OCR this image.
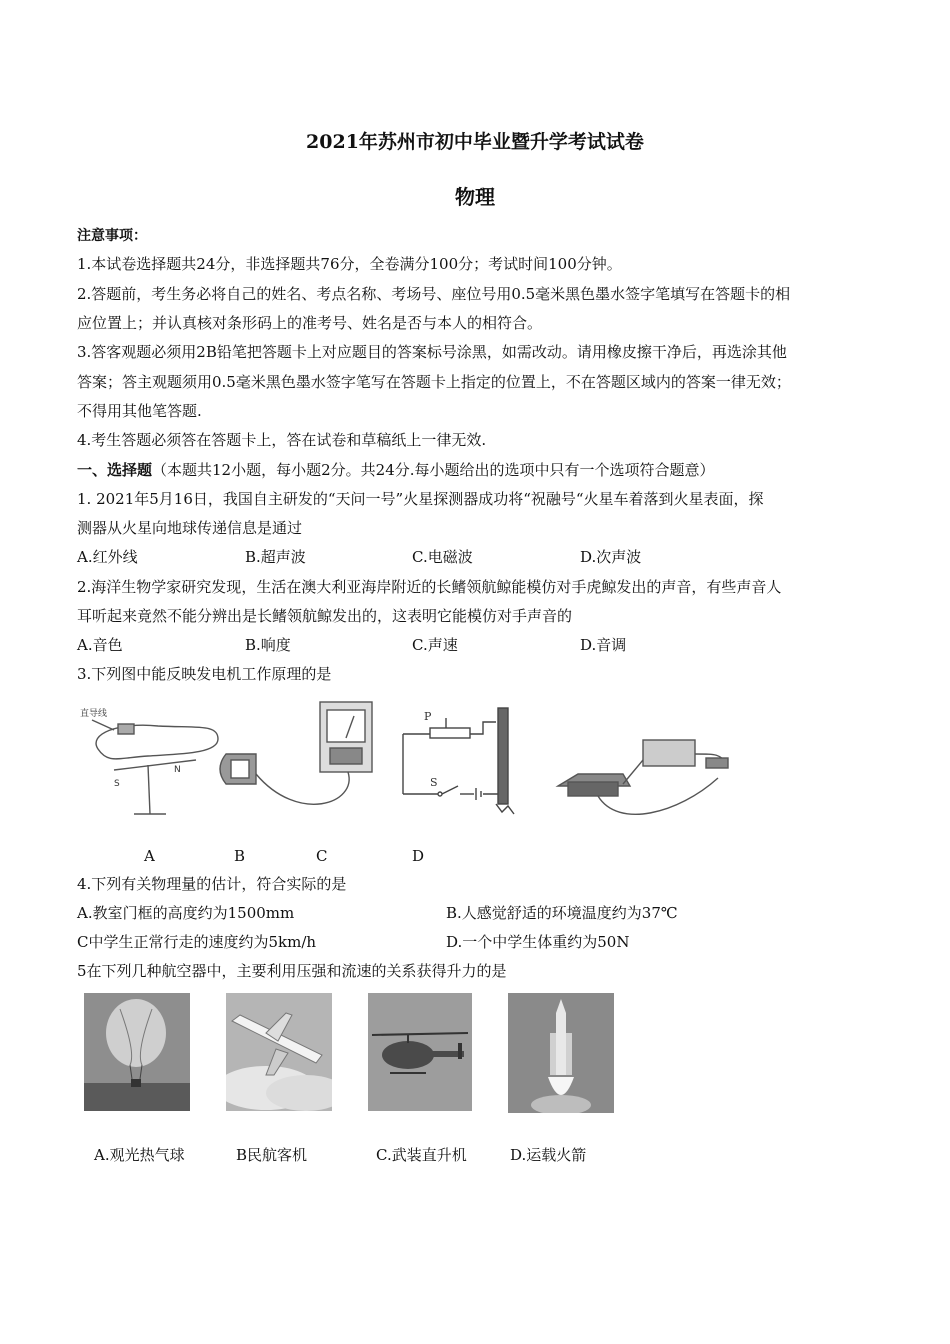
2021年苏州市初中毕业暨升学考试试卷
物理
注意事项：
1.本试卷选择题共24分，非选择题共76分，全卷满分100分；考试时间100分钟。
2.答题前，考生务必将自己的姓名、考点名称、考场号、座位号用0.5毫米黑色墨水签字笔填写在答题卡的相
应位置上；并认真核对条形码上的准考号、姓名是否与本人的相符合。
3.答客观题必须用2B铅笔把答题卡上对应题目的答案标号涂黑，如需改动。请用橡皮擦干净后，再选涂其他
答案；答主观题须用0.5毫米黑色墨水签字笔写在答题卡上指定的位置上，不在答题区域内的答案一律无效；
不得用其他笔答题.
4.考生答题必须答在答题卡上，答在试卷和草稿纸上一律无效.
一、选择题（本题共12小题，每小题2分。共24分.每小题给出的选项中只有一个选项符合题意）
1. 2021年5月16日，我国自主研发的“天问一号”火星探测器成功将“祝融号“火星车着落到火星表面，探
测器从火星向地球传递信息是通过
A.红外线	B.超声波	C.电磁波	D.次声波
2.海洋生物学家研究发现，生活在澳大利亚海岸附近的长鳍领航鲸能模仿对手虎鲸发出的声音，有些声音人
耳听起来竟然不能分辨出是长鳍领航鲸发出的，这表明它能模仿对手声音的
A.音色	B.响度	C.声速	D.音调
3.下列图中能反映发电机工作原理的是
直导线
S
N
P
S
A	B	C	D
4.下列有关物理量的估计，符合实际的是
A.教室门框的高度约为1500mm	B.人感觉舒适的环境温度约为37℃
C中学生正常行走的速度约为5km/h	D.一个中学生体重约为50N
5在下列几种航空器中，主要利用压强和流速的关系获得升力的是
A.观光热气球	B民航客机	C.武装直升机	D.运载火箭
